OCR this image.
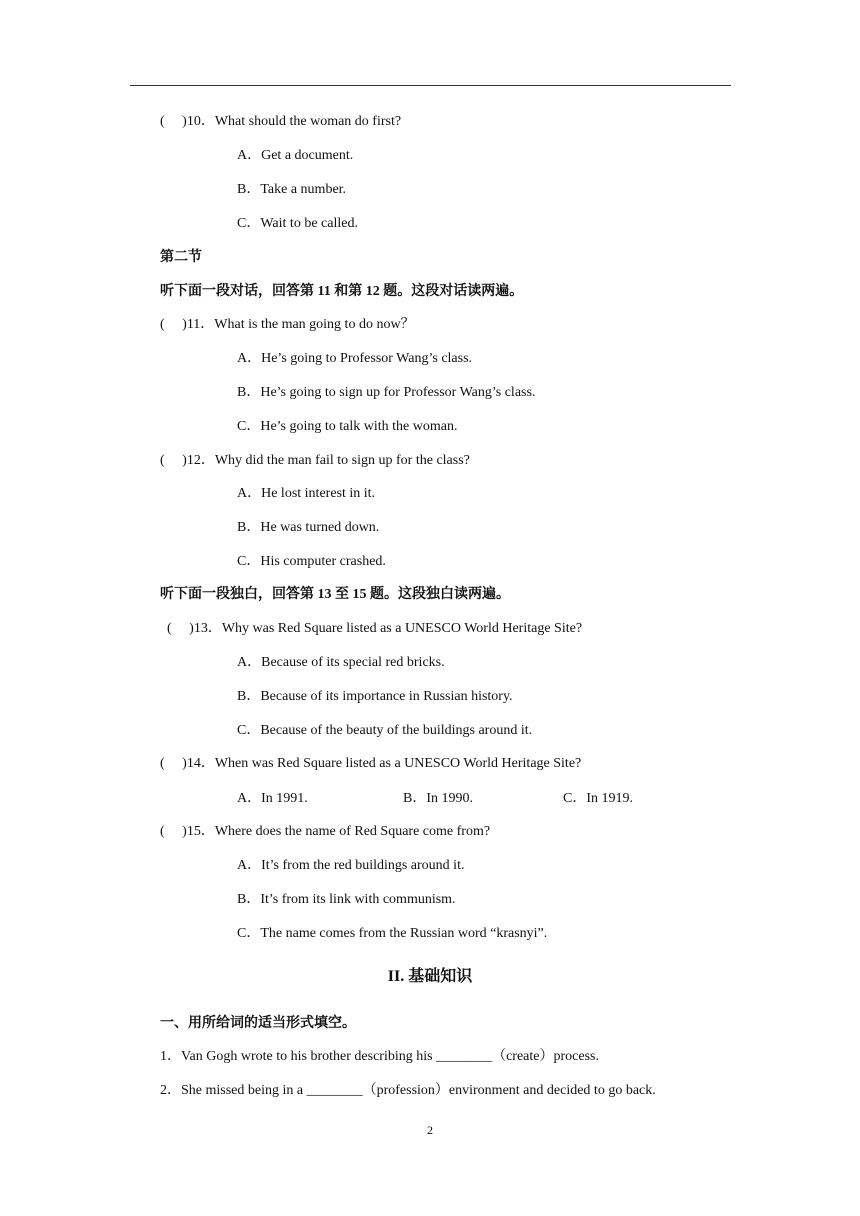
(　 )10．What should the woman do first?
A．Get a document.
B．Take a number.
C．Wait to be called.
第二节
听下面一段对话，回答第 11 和第 12 题。这段对话读两遍。
(　 )11．What is the man going to do now？
A．He’s going to Professor Wang’s class.
B．He’s going to sign up for Professor Wang’s class.
C．He’s going to talk with the woman.
(　 )12．Why did the man fail to sign up for the class?
A．He lost interest in it.
B．He was turned down.
C．His computer crashed.
听下面一段独白，回答第 13 至 15 题。这段独白读两遍。
(　 )13．Why was Red Square listed as a UNESCO World Heritage Site?
A．Because of its special red bricks.
B．Because of its importance in Russian history.
C．Because of the beauty of the buildings around it.
(　 )14．When was Red Square listed as a UNESCO World Heritage Site?
A．In 1991.	B．In 1990.	C．In 1919.
(　 )15．Where does the name of Red Square come from?
A．It’s from the red buildings around it.
B．It’s from its link with communism.
C．The name comes from the Russian word “krasnyi”.
II. 基础知识
一、用所给词的适当形式填空。
1．Van Gogh wrote to his brother describing his ________（create）process.
2．She missed being in a ________（profession）environment and decided to go back.
2
